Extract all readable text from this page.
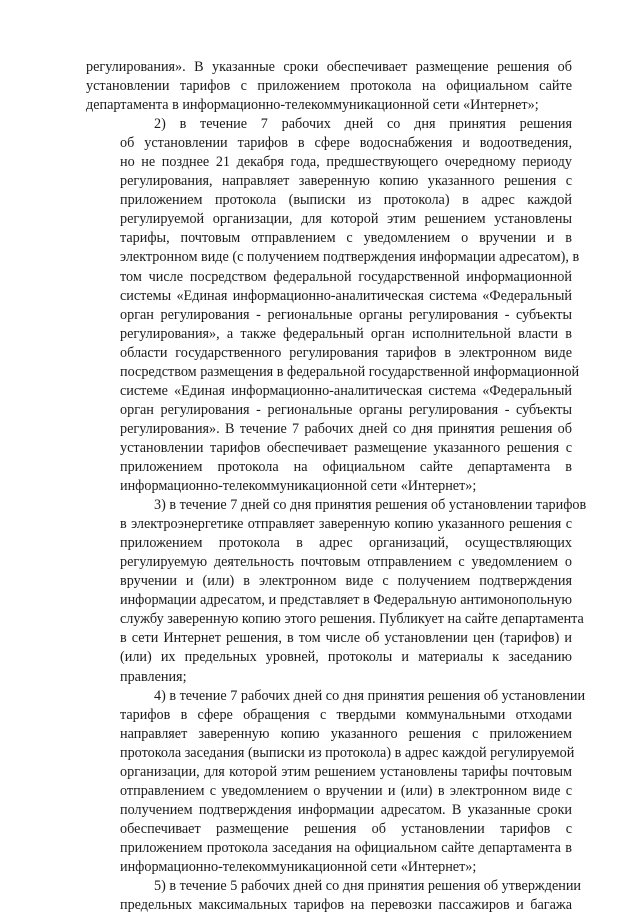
регулирования». В указанные сроки обеспечивает размещение решения об
установлении тарифов с приложением протокола на официальном сайте
департамента в информационно-телекоммуникационной сети «Интернет»;
2) в течение 7 рабочих дней со дня принятия решения
об установлении тарифов в сфере водоснабжения и водоотведения,
но не позднее 21 декабря года, предшествующего очередному периоду
регулирования, направляет заверенную копию указанного решения с
приложением протокола (выписки из протокола) в адрес каждой
регулируемой организации, для которой этим решением установлены
тарифы, почтовым отправлением с уведомлением о вручении и в
электронном виде (с получением подтверждения информации адресатом), в
том числе посредством федеральной государственной информационной
системы «Единая информационно-аналитическая система «Федеральный
орган регулирования - региональные органы регулирования - субъекты
регулирования», а также федеральный орган исполнительной власти в
области государственного регулирования тарифов в электронном виде
посредством размещения в федеральной государственной информационной
системе «Единая информационно-аналитическая система «Федеральный
орган регулирования - региональные органы регулирования - субъекты
регулирования». В течение 7 рабочих дней со дня принятия решения об
установлении тарифов обеспечивает размещение указанного решения с
приложением протокола на официальном сайте департамента в
информационно-телекоммуникационной сети «Интернет»;
3) в течение 7 дней со дня принятия решения об установлении тарифов
в электроэнергетике отправляет заверенную копию указанного решения с
приложением протокола в адрес организаций, осуществляющих
регулируемую деятельность почтовым отправлением с уведомлением о
вручении и (или) в электронном виде с получением подтверждения
информации адресатом, и представляет в Федеральную антимонопольную
службу заверенную копию этого решения. Публикует на сайте департамента
в сети Интернет решения, в том числе об установлении цен (тарифов) и
(или) их предельных уровней, протоколы и материалы к заседанию
правления;
4) в течение 7 рабочих дней со дня принятия решения об установлении
тарифов в сфере обращения с твердыми коммунальными отходами
направляет заверенную копию указанного решения с приложением
протокола заседания (выписки из протокола) в адрес каждой регулируемой
организации, для которой этим решением установлены тарифы почтовым
отправлением с уведомлением о вручении и (или) в электронном виде с
получением подтверждения информации адресатом. В указанные сроки
обеспечивает размещение решения об установлении тарифов с
приложением протокола заседания на официальном сайте департамента в
информационно-телекоммуникационной сети «Интернет»;
5) в течение 5 рабочих дней со дня принятия решения об утверждении
предельных максимальных тарифов на перевозки пассажиров и багажа
